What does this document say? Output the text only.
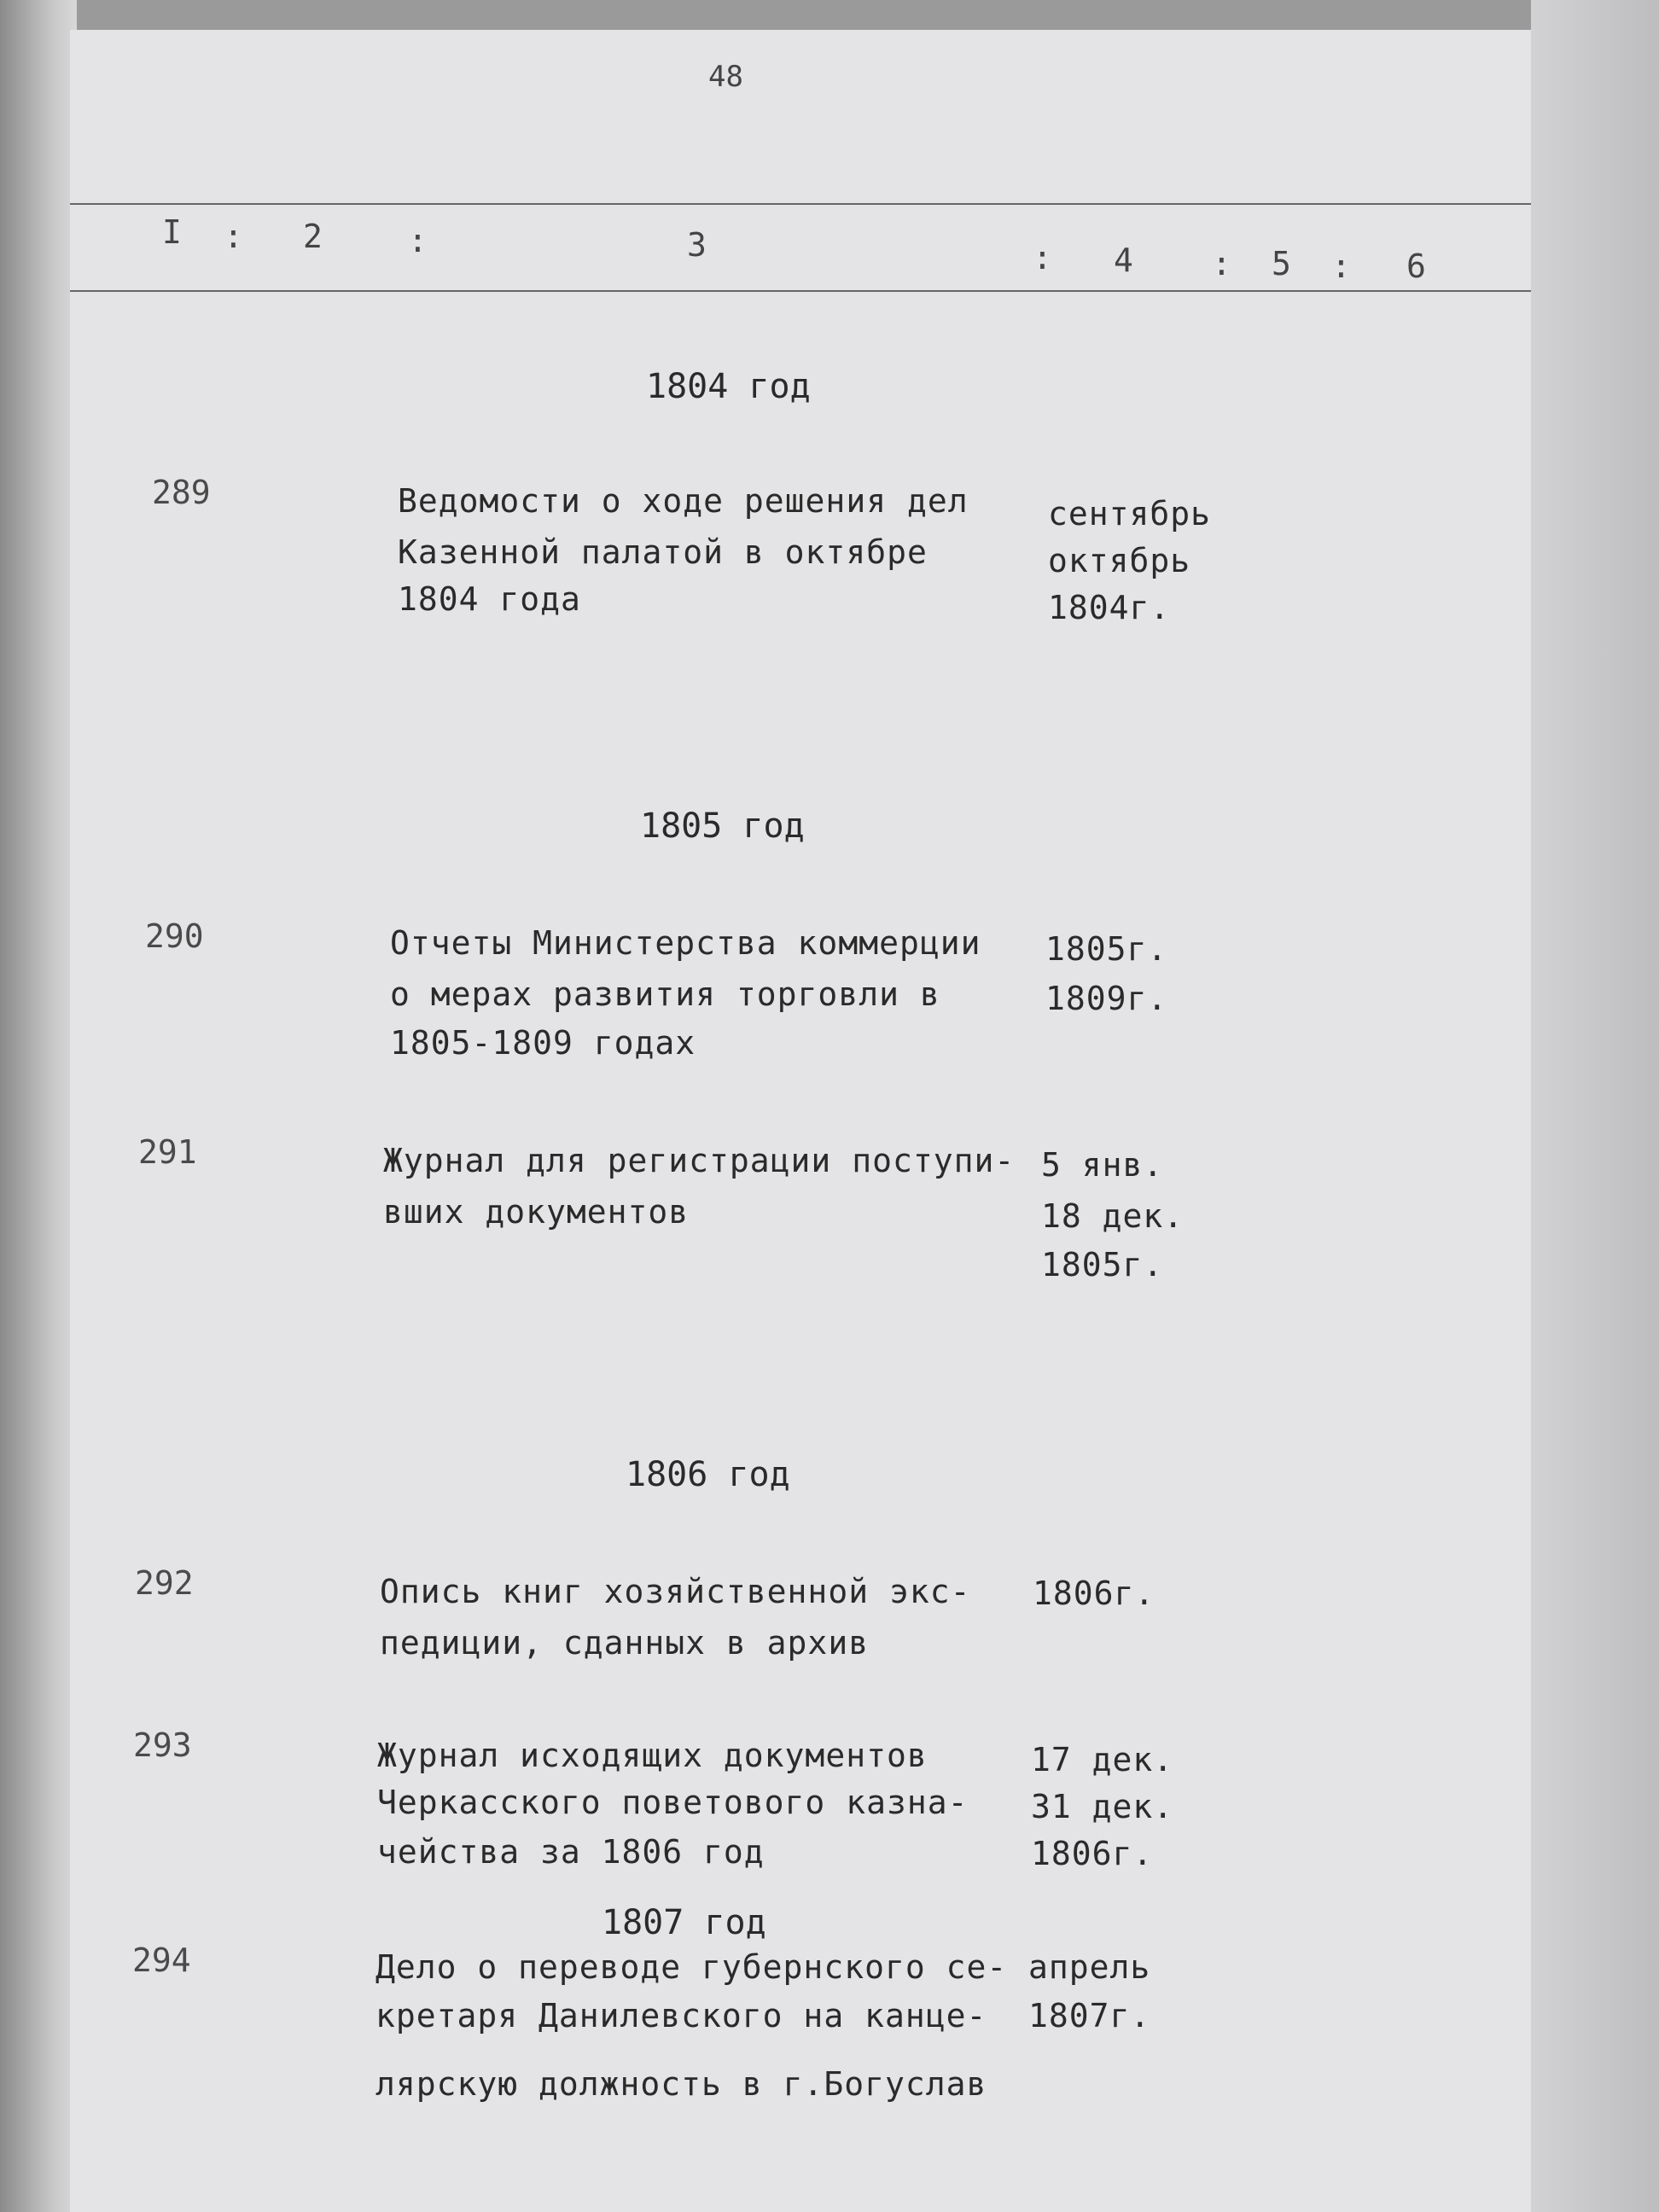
48
I : 2	:	3	: 4 : 5 : 6
1804 год
289	Ведомости о ходе решения дел
Казенной палатой в октябре
1804 года
сентябрь
октябрь
1804г.
1805 год
290	Отчеты Министерства коммерции
о мерах развития торговли в
1805-1809 годах
1805г.
1809г.
291	Журнал для регистрации поступи-
вших документов
5 янв.
18 дек.
1805г.
1806 год
292	Опись книг хозяйственной экс-
педиции, сданных в архив
1806г.
293	Журнал исходящих документов
Черкасского поветового казна-
чейства за 1806 год
17 дек.
31 дек.
1806г.
1807 год
294	Дело о переводе губернского се-
кретаря Данилевского на канце-
лярскую должность в г.Богуслав
апрель
1807г.
